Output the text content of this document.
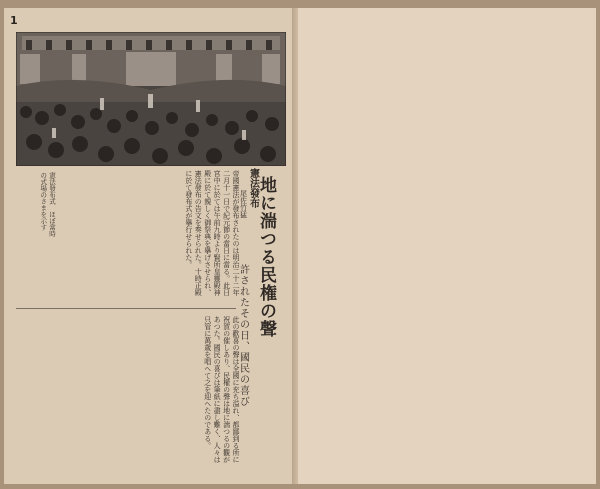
1
地に湍つる民権の聲
許されたその日、國民の喜び
憲法發布
尾佐竹猛
帝國憲法が發布されたのは明治二十二年二月十一日で紀元節の當日に當る。此日宮中に於ては午前九時より賢所皇靈殿神殿に於て親しく御祭典を擧げさせられ、憲法發布の告文を奏せられた。十時正殿に於て發布式が擧行せられた。
此の歡喜の聲は全國に充ち溢れ、都鄙到る所に祝賀の催しあり、民權の聲は地に湍つるの觀があつた。國民の喜びは筆紙に盡し難く、人々は只管に萬歳を唱へて之を迎へたのである。
憲法發布式　ほぼ當時の式場のさまを示す
